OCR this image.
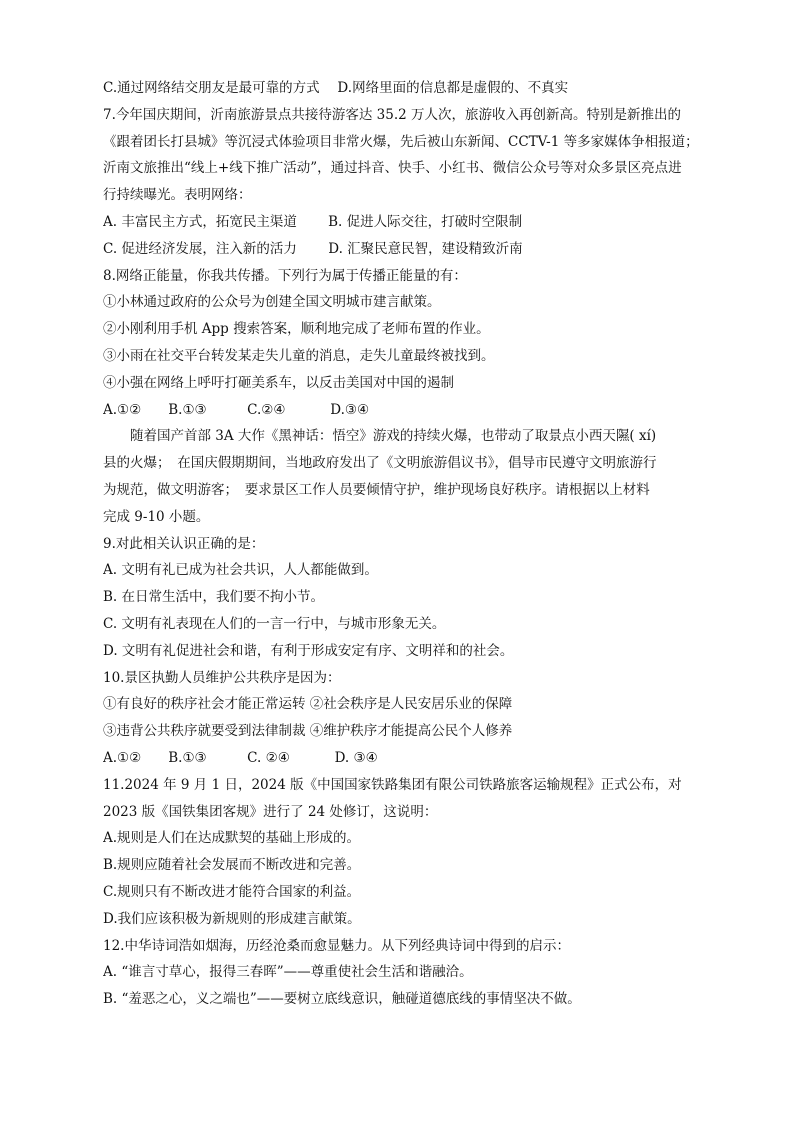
C.通过网络结交朋友是最可靠的方式　 D.网络里面的信息都是虚假的、不真实
7.今年国庆期间，沂南旅游景点共接待游客达 35.2 万人次，旅游收入再创新高。特别是新推出的
《跟着团长打县城》等沉浸式体验项目非常火爆，先后被山东新闻、CCTV-1 等多家媒体争相报道；
沂南文旅推出“线上+线下推广活动”，通过抖音、快手、小红书、微信公众号等对众多景区亮点进
行持续曝光。表明网络：
A. 丰富民主方式，拓宽民主渠道　　 B. 促进人际交往，打破时空限制
C. 促进经济发展，注入新的活力　　 D. 汇聚民意民智，建设精致沂南
8.网络正能量，你我共传播。下列行为属于传播正能量的有：
①小林通过政府的公众号为创建全国文明城市建言献策。
②小刚利用手机 App 搜索答案，顺利地完成了老师布置的作业。
③小雨在社交平台转发某走失儿童的消息，走失儿童最终被找到。
④小强在网络上呼吁打砸美系车，以反击美国对中国的遏制
A.①②　　B.①③　　　C.②④　　　 D.③④
随着国产首部 3A 大作《黑神话：悟空》游戏的持续火爆，也带动了取景点小西天隰( xí)
县的火爆；　在国庆假期期间，当地政府发出了《文明旅游倡议书》，倡导市民遵守文明旅游行
为规范，做文明游客；　要求景区工作人员要倾情守护，维护现场良好秩序。请根据以上材料
完成 9-10 小题。
9.对此相关认识正确的是：
A. 文明有礼已成为社会共识，人人都能做到。
B. 在日常生活中，我们要不拘小节。
C. 文明有礼表现在人们的一言一行中，与城市形象无关。
D. 文明有礼促进社会和谐，有利于形成安定有序、文明祥和的社会。
10.景区执勤人员维护公共秩序是因为：
①有良好的秩序社会才能正常运转 ②社会秩序是人民安居乐业的保障
③违背公共秩序就要受到法律制裁 ④维护秩序才能提高公民个人修养
A.①②　　B.①③　　　C. ②④　　　 D. ③④
11.2024 年 9 月 1 日，2024 版《中国国家铁路集团有限公司铁路旅客运输规程》正式公布，对
2023 版《国铁集团客规》进行了 24 处修订，这说明：
A.规则是人们在达成默契的基础上形成的。
B.规则应随着社会发展而不断改进和完善。
C.规则只有不断改进才能符合国家的利益。
D.我们应该积极为新规则的形成建言献策。
12.中华诗词浩如烟海，历经沧桑而愈显魅力。从下列经典诗词中得到的启示：
A. “谁言寸草心，报得三春晖”——尊重使社会生活和谐融洽。
B. “羞恶之心，义之端也”——要树立底线意识，触碰道德底线的事情坚决不做。
